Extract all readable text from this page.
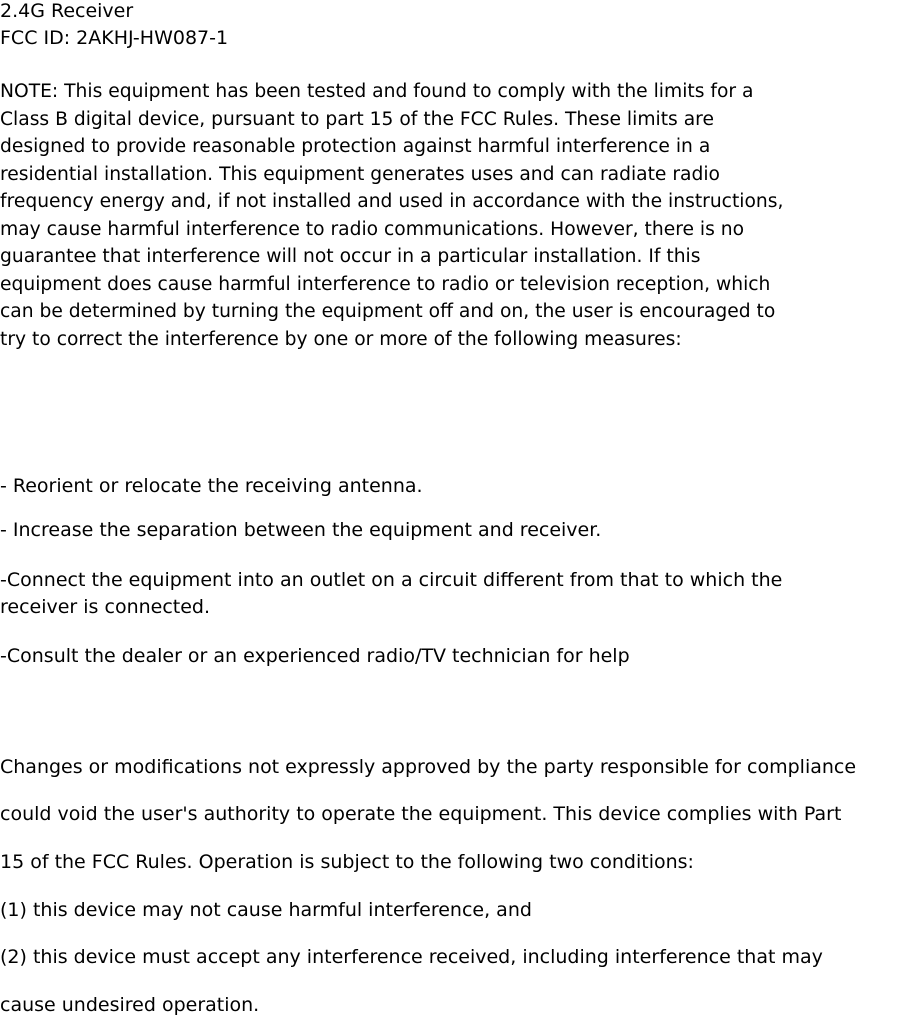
2.4G Receiver
FCC ID: 2AKHJ-HW087-1
NOTE: This equipment has been tested and found to comply with the limits for a
Class B digital device, pursuant to part 15 of the FCC Rules. These limits are
designed to provide reasonable protection against harmful interference in a
residential installation. This equipment generates uses and can radiate radio
frequency energy and, if not installed and used in accordance with the instructions,
may cause harmful interference to radio communications. However, there is no
guarantee that interference will not occur in a particular installation. If this
equipment does cause harmful interference to radio or television reception, which
can be determined by turning the equipment off and on, the user is encouraged to
try to correct the interference by one or more of the following measures:
- Reorient or relocate the receiving antenna.
- Increase the separation between the equipment and receiver.
-Connect the equipment into an outlet on a circuit different from that to which the
receiver is connected.
-Consult the dealer or an experienced radio/TV technician for help
Changes or modifications not expressly approved by the party responsible for compliance
could void the user's authority to operate the equipment. This device complies with Part
15 of the FCC Rules. Operation is subject to the following two conditions:
(1) this device may not cause harmful interference, and
(2) this device must accept any interference received, including interference that may
cause undesired operation.
